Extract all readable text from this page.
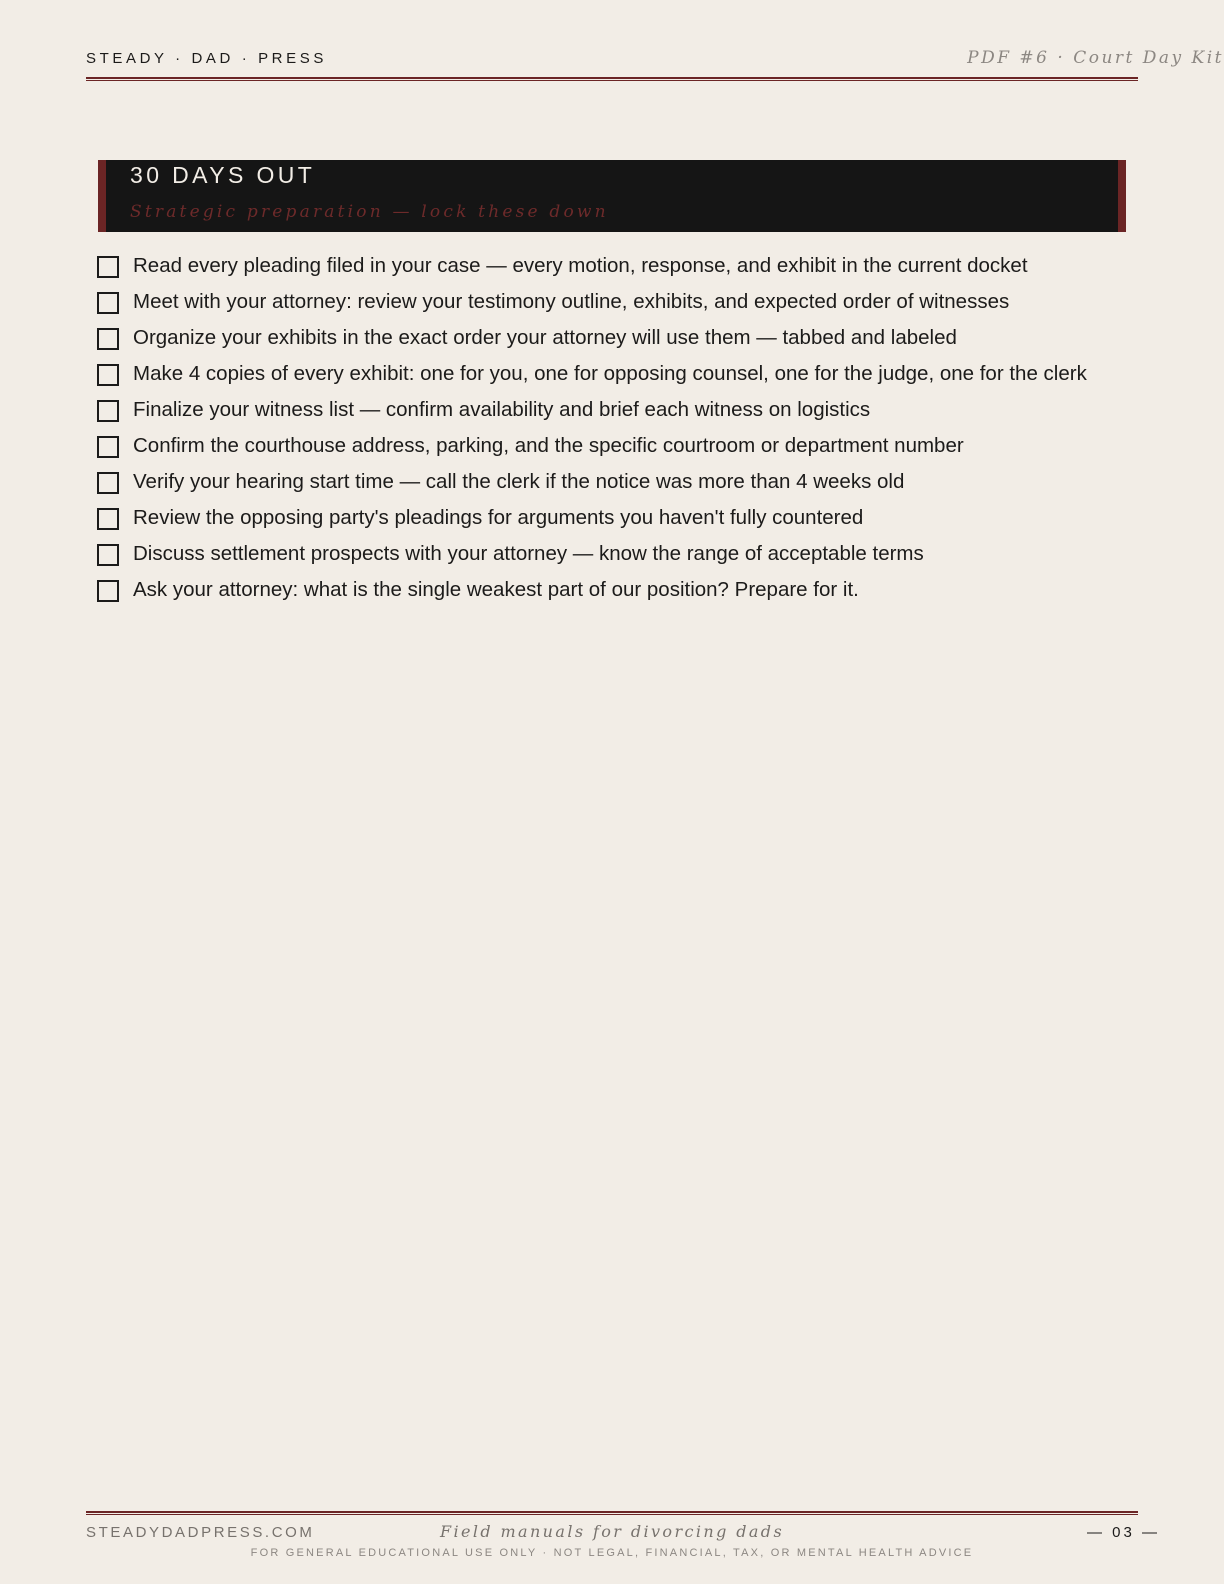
STEADY · DAD · PRESS	PDF #6 · Court Day Kit
30 DAYS OUT
Strategic preparation — lock these down
Read every pleading filed in your case — every motion, response, and exhibit in the current docket
Meet with your attorney: review your testimony outline, exhibits, and expected order of witnesses
Organize your exhibits in the exact order your attorney will use them — tabbed and labeled
Make 4 copies of every exhibit: one for you, one for opposing counsel, one for the judge, one for the clerk
Finalize your witness list — confirm availability and brief each witness on logistics
Confirm the courthouse address, parking, and the specific courtroom or department number
Verify your hearing start time — call the clerk if the notice was more than 4 weeks old
Review the opposing party's pleadings for arguments you haven't fully countered
Discuss settlement prospects with your attorney — know the range of acceptable terms
Ask your attorney: what is the single weakest part of our position? Prepare for it.
STEADYDADPRESS.COM	Field manuals for divorcing dads	— 03 —
FOR GENERAL EDUCATIONAL USE ONLY · NOT LEGAL, FINANCIAL, TAX, OR MENTAL HEALTH ADVICE
